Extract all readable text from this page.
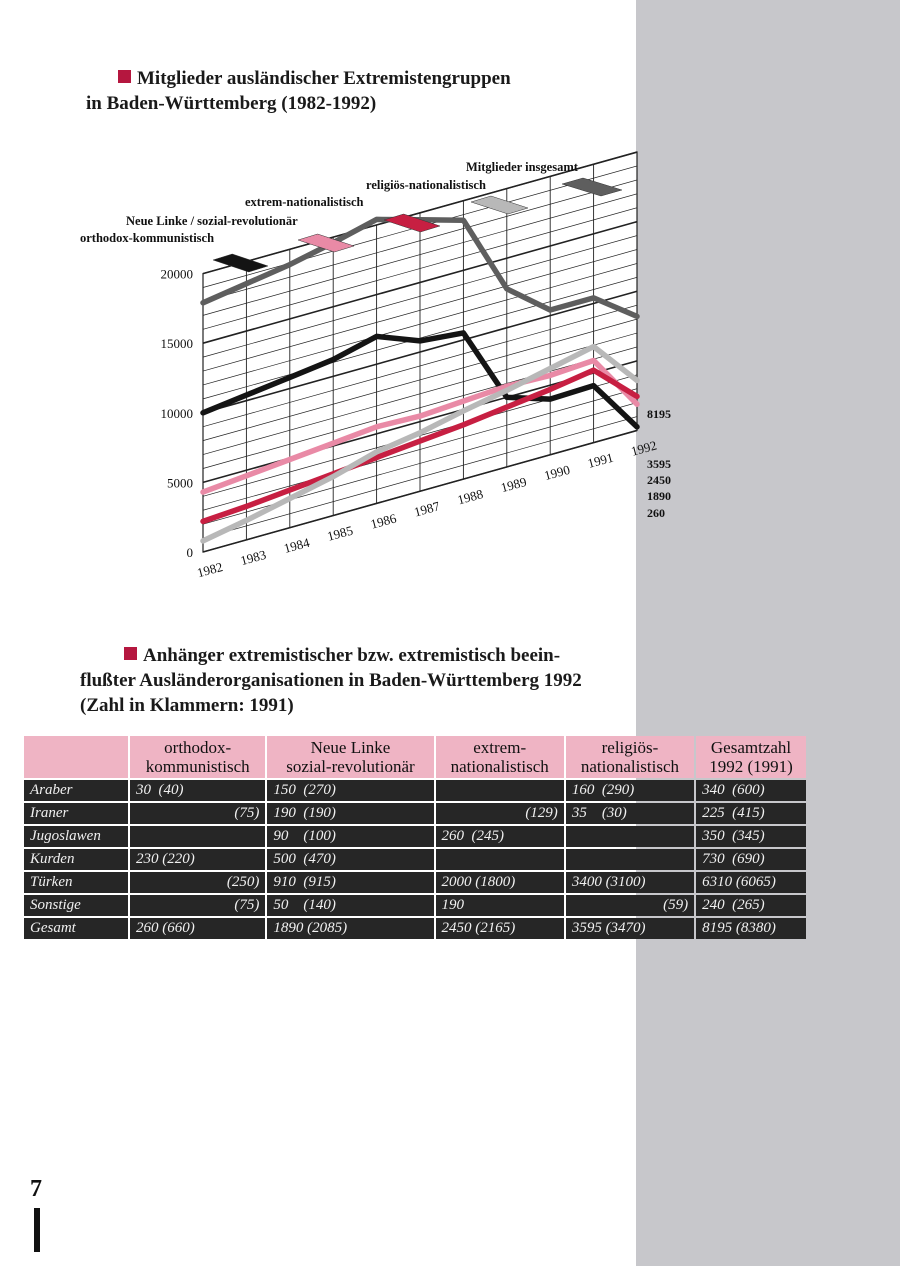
Mitglieder ausländischer Extremistengruppen
in Baden-Württemberg (1982-1992)
0
5000
10000
15000
20000
1982
1983
1984
1985
1986
1987
1988
1989
1990
1991
1992
8195
3595
2450
1890
260
orthodox-kommunistisch
Neue Linke / sozial-revolutionär
extrem-nationalistisch
religiös-nationalistisch
Mitglieder insgesamt
Anhänger extremistischer bzw. extremistisch beein-
flußter Ausländerorganisationen in Baden-Württemberg 1992
(Zahl in Klammern: 1991)
	orthodox-
kommunistisch	Neue Linke
sozial-revolutionär	extrem-
nationalistisch	religiös-
nationalistisch	Gesamtzahl
1992 (1991)
Araber	30  (40)	150  (270)		160  (290)	340  (600)
Iraner	(75)	190  (190)	(129)	35    (30)	225  (415)
Jugoslawen		90    (100)	260  (245)		350  (345)
Kurden	230 (220)	500  (470)			730  (690)
Türken	(250)	910  (915)	2000 (1800)	3400 (3100)	6310 (6065)
Sonstige	(75)	50    (140)	190	(59)	240  (265)
Gesamt	260 (660)	1890 (2085)	2450 (2165)	3595 (3470)	8195 (8380)
7
